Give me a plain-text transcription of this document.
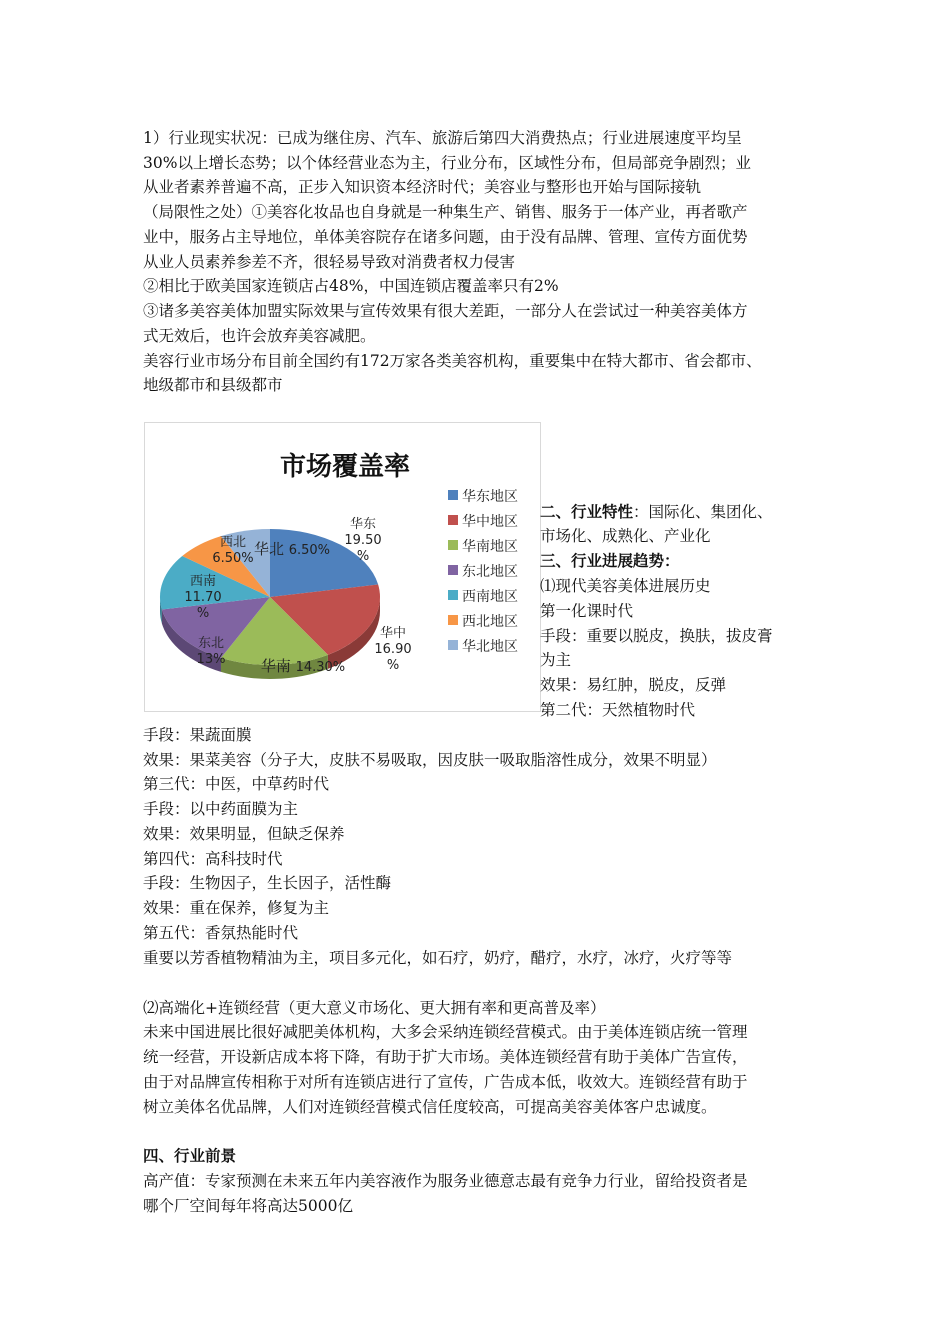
1）行业现实状况：已成为继住房、汽车、旅游后第四大消费热点；行业进展速度平均呈
30%以上增长态势；以个体经营业态为主，行业分布，区域性分布，但局部竞争剧烈；业
从业者素养普遍不高，正步入知识资本经济时代；美容业与整形也开始与国际接轨
（局限性之处）①美容化妆品也自身就是一种集生产、销售、服务于一体产业，再者歌产
业中，服务占主导地位，单体美容院存在诸多问题，由于没有品牌、管理、宣传方面优势
从业人员素养参差不齐，很轻易导致对消费者权力侵害
②相比于欧美国家连锁店占48%，中国连锁店覆盖率只有2%
③诸多美容美体加盟实际效果与宣传效果有很大差距，一部分人在尝试过一种美容美体方
式无效后，也许会放弃美容减肥。
美容行业市场分布目前全国约有172万家各类美容机构，重要集中在特大都市、省会都市、
地级都市和县级都市
市场覆盖率
华东地区
华中地区
华南地区
东北地区
西南地区
西北地区
华北地区
华东
19.50
%
华中
16.90
%
华南 14.30%
东北
13%
西南
11.70
%
西北
6.50%
华北 6.50%
二、行业特性：国际化、集团化、
市场化、成熟化、产业化
三、行业进展趋势：
⑴现代美容美体进展历史
第一化课时代
手段：重要以脱皮，换肤，拔皮膏
为主
效果：易红肿，脱皮，反弹
第二代：天然植物时代
手段：果蔬面膜
效果：果菜美容（分子大，皮肤不易吸取，因皮肤一吸取脂溶性成分，效果不明显）
第三代：中医，中草药时代
手段：以中药面膜为主
效果：效果明显，但缺乏保养
第四代：高科技时代
手段：生物因子，生长因子，活性酶
效果：重在保养，修复为主
第五代：香氛热能时代
重要以芳香植物精油为主，项目多元化，如石疗，奶疗，醋疗，水疗，冰疗，火疗等等
⑵高端化+连锁经营（更大意义市场化、更大拥有率和更高普及率）
未来中国进展比很好减肥美体机构，大多会采纳连锁经营模式。由于美体连锁店统一管理
统一经营，开设新店成本将下降，有助于扩大市场。美体连锁经营有助于美体广告宣传，
由于对品牌宣传相称于对所有连锁店进行了宣传，广告成本低，收效大。连锁经营有助于
树立美体名优品牌，人们对连锁经营模式信任度较高，可提高美容美体客户忠诚度。
四、行业前景
高产值：专家预测在未来五年内美容液作为服务业德意志最有竞争力行业，留给投资者是
哪个厂空间每年将高达5000亿
